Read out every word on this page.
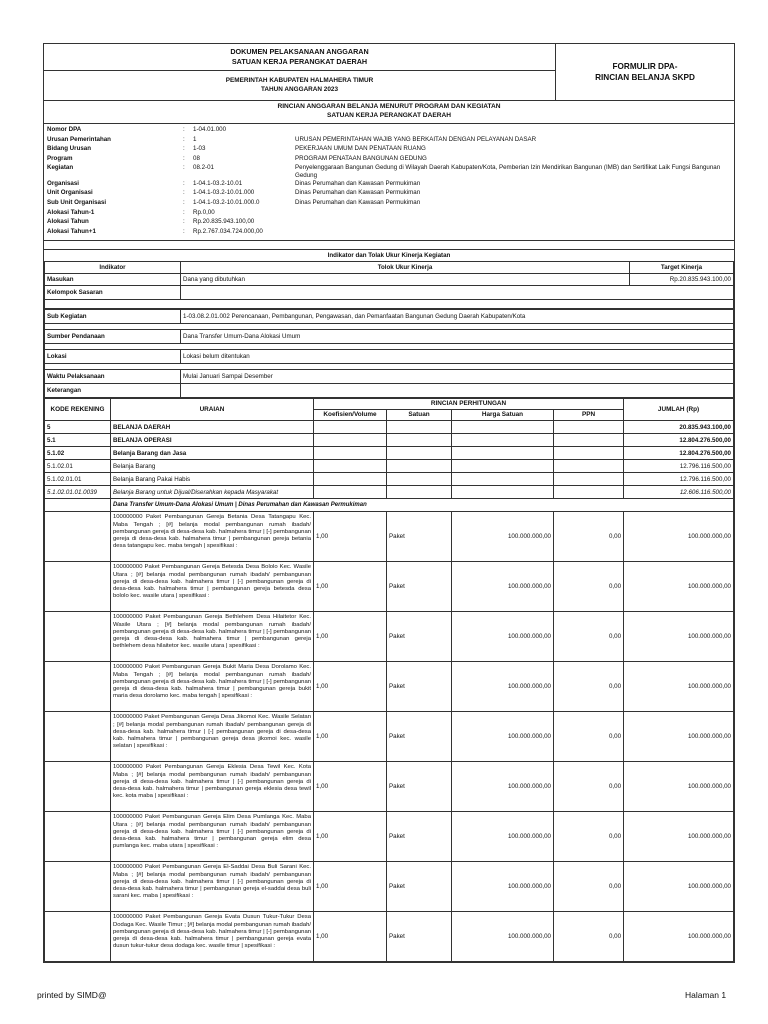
DOKUMEN PELAKSANAAN ANGGARAN
SATUAN KERJA PERANGKAT DAERAH
PEMERINTAH KABUPATEN HALMAHERA TIMUR
TAHUN ANGGARAN 2023
FORMULIR DPA-
RINCIAN BELANJA SKPD
RINCIAN ANGGARAN BELANJA MENURUT PROGRAM DAN KEGIATAN
SATUAN KERJA PERANGKAT DAERAH
Nomor DPA	:	1-04.01.000
Urusan Pemerintahan	:	1	URUSAN PEMERINTAHAN WAJIB YANG BERKAITAN DENGAN PELAYANAN DASAR
Bidang Urusan	:	1-03	PEKERJAAN UMUM DAN PENATAAN RUANG
Program	:	08	PROGRAM PENATAAN BANGUNAN GEDUNG
Kegiatan	:	08.2-01	Penyelenggaraan Bangunan Gedung di Wilayah Daerah Kabupaten/Kota, Pemberian Izin Mendirikan Bangunan (IMB) dan Sertifikat Laik Fungsi Bangunan Gedung
Organisasi	:	1-04.1-03.2-10.01	Dinas Perumahan dan Kawasan Permukiman
Unit Organisasi	:	1-04.1-03.2-10.01.000	Dinas Perumahan dan Kawasan Permukiman
Sub Unit Organisasi	:	1-04.1-03.2-10.01.000.0	Dinas Perumahan dan Kawasan Permukiman
Alokasi Tahun-1	:	Rp.0,00
Alokasi Tahun	:	Rp.20.835.943.100,00
Alokasi Tahun+1	:	Rp.2.767.034.724.000,00
Indikator dan Tolak Ukur Kinerja Kegiatan		
Indikator	Tolok Ukur Kinerja	Target Kinerja
Masukan	Dana yang dibutuhkan	Rp.20.835.943.100,00
Kelompok Sasaran		

Sub Kegiatan	1-03.08.2.01.002 Perencanaan, Pembangunan, Pengawasan, dan Pemanfaatan Bangunan Gedung Daerah Kabupaten/Kota

Sumber Pendanaan	Dana Transfer Umum-Dana Alokasi Umum

Lokasi	Lokasi belum ditentukan

Waktu Pelaksanaan	Mulai Januari Sampai Desember
Keterangan	
KODE REKENING	URAIAN	RINCIAN PERHITUNGAN				JUMLAH (Rp)
		Koefisien/Volume	Satuan	Harga Satuan	PPN	
5	BELANJA DAERAH					20.835.943.100,00
5.1	BELANJA OPERASI					12.804.276.500,00
5.1.02	Belanja Barang dan Jasa					12.804.276.500,00
5.1.02.01	Belanja Barang					12.796.116.500,00
5.1.02.01.01	Belanja Barang Pakai Habis					12.796.116.500,00
5.1.02.01.01.0039	Belanja Barang untuk Dijual/Diserahkan kepada Masyarakat					12.606.116.500,00
	Dana Transfer Umum-Dana Alokasi Umum | Dinas Perumahan dan Kawasan Permukiman					
	100000000 Paket Pembangunan Gereja Betania Desa Tatangapu Kec. Maba Tengah ; [#] belanja modal pembangunan rumah ibadah/ pembangunan gereja di desa-desa kab. halmahera timur | [-] pembangunan gereja di desa-desa kab. halmahera timur | pembangunan gereja betania desa tatangapu kec. maba tengah | spesifikasi :	1,00	Paket	100.000.000,00	0,00	100.000.000,00
	100000000 Paket Pembangunan Gereja Betesda Desa Bololo Kec. Wasile Utara ; [#] belanja modal pembangunan rumah ibadah/ pembangunan gereja di desa-desa kab. halmahera timur | [-] pembangunan gereja di desa-desa kab. halmahera timur | pembangunan gereja betesda desa bololo kec. wasile utara | spesifikasi :	1,00	Paket	100.000.000,00	0,00	100.000.000,00
	100000000 Paket Pembangunan Gereja Bethlehem Desa Hilaitetor Kec. Wasile Utara ; [#] belanja modal pembangunan rumah ibadah/ pembangunan gereja di desa-desa kab. halmahera timur | [-] pembangunan gereja di desa-desa kab. halmahera timur | pembangunan gereja bethlehem desa hilaitetor kec. wasile utara | spesifikasi :	1,00	Paket	100.000.000,00	0,00	100.000.000,00
	100000000 Paket Pembangunan Gereja Bukit Maria Desa Dorolamo Kec. Maba Tengah ; [#] belanja modal pembangunan rumah ibadah/ pembangunan gereja di desa-desa kab. halmahera timur | [-] pembangunan gereja di desa-desa kab. halmahera timur | pembangunan gereja bukit maria desa dorolamo kec. maba tengah | spesifikasi :	1,00	Paket	100.000.000,00	0,00	100.000.000,00
	100000000 Paket Pembangunan Gereja Desa Jikomoi Kec. Wasile Selatan ; [#] belanja modal pembangunan rumah ibadah/ pembangunan gereja di desa-desa kab. halmahera timur | [-] pembangunan gereja di desa-desa kab. halmahera timur | pembangunan gereja desa jikomoi kec. wasile selatan | spesifikasi :	1,00	Paket	100.000.000,00	0,00	100.000.000,00
	100000000 Paket Pembangunan Gereja Eklesia Desa Tewil Kec. Kota Maba ; [#] belanja modal pembangunan rumah ibadah/ pembangunan gereja di desa-desa kab. halmahera timur | [-] pembangunan gereja di desa-desa kab. halmahera timur | pembangunan gereja eklesia desa tewil kec. kota maba | spesifikasi :	1,00	Paket	100.000.000,00	0,00	100.000.000,00
	100000000 Paket Pembangunan Gereja Elim Desa Pumlanga Kec. Maba Utara ; [#] belanja modal pembangunan rumah ibadah/ pembangunan gereja di desa-desa kab. halmahera timur | [-] pembangunan gereja di desa-desa kab. halmahera timur | pembangunan gereja elim desa pumlanga kec. maba utara | spesifikasi :	1,00	Paket	100.000.000,00	0,00	100.000.000,00
	100000000 Paket Pembangunan Gereja El-Saddai Desa Buli Sarani Kec. Maba ; [#] belanja modal pembangunan rumah ibadah/ pembangunan gereja di desa-desa kab. halmahera timur | [-] pembangunan gereja di desa-desa kab. halmahera timur | pembangunan gereja el-saddai desa buli sarani kec. maba | spesifikasi :	1,00	Paket	100.000.000,00	0,00	100.000.000,00
	100000000 Paket Pembangunan Gereja Evata Dusun Tukur-Tukur Desa Dodaga Kec. Wasile Timur ; [#] belanja modal pembangunan rumah ibadah/ pembangunan gereja di desa-desa kab. halmahera timur | [-] pembangunan gereja di desa-desa kab. halmahera timur | pembangunan gereja evata dusun tukur-tukur desa dodaga kec. wasile timur | spesifikasi :	1,00	Paket	100.000.000,00	0,00	100.000.000,00
printed by SIMD@	Halaman 1
